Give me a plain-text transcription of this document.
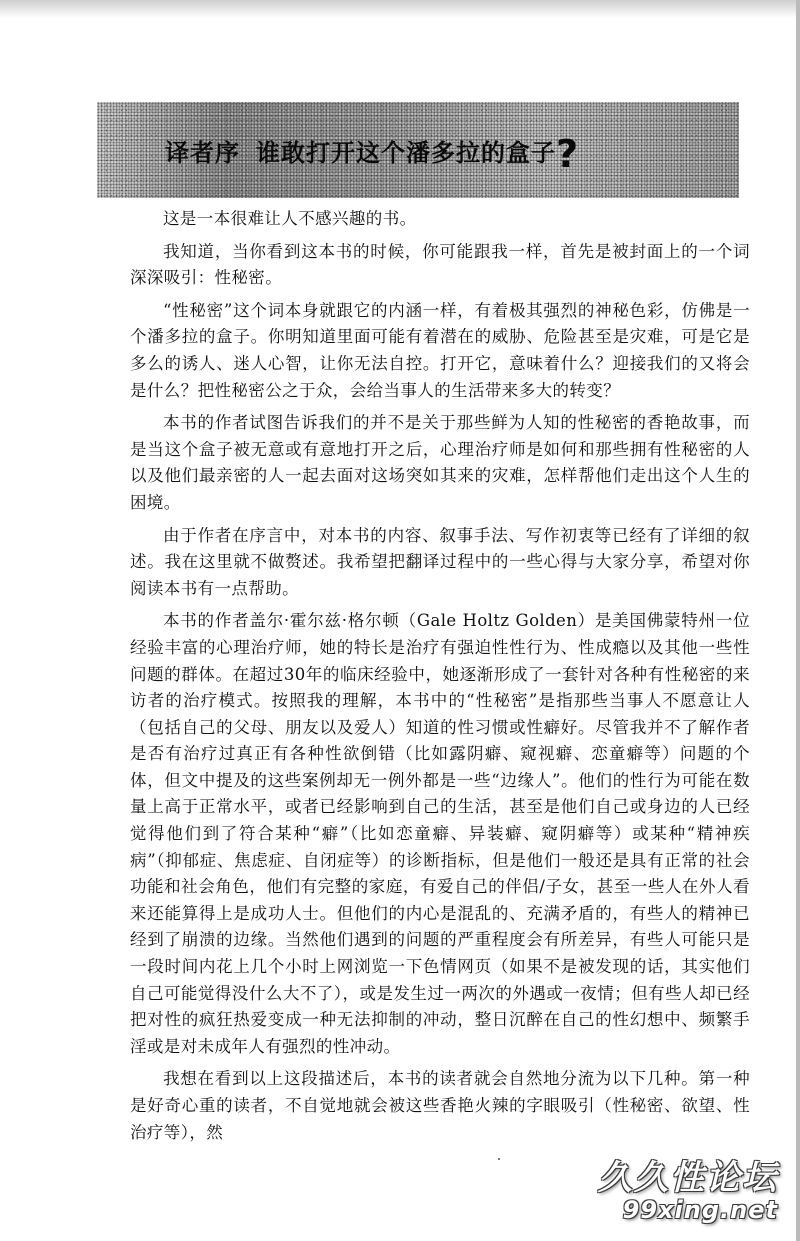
译者序 谁敢打开这个潘多拉的盒子?

这是一本很难让人不感兴趣的书。

我知道，当你看到这本书的时候，你可能跟我一样，首先是被封面上的一个词深深吸引：性秘密。

“性秘密”这个词本身就跟它的内涵一样，有着极其强烈的神秘色彩，仿佛是一个潘多拉的盒子。你明知道里面可能有着潜在的威胁、危险甚至是灾难，可是它是多么的诱人、迷人心智，让你无法自控。打开它，意味着什么？迎接我们的又将会是什么？把性秘密公之于众，会给当事人的生活带来多大的转变？

本书的作者试图告诉我们的并不是关于那些鲜为人知的性秘密的香艳故事，而是当这个盒子被无意或有意地打开之后，心理治疗师是如何和那些拥有性秘密的人以及他们最亲密的人一起去面对这场突如其来的灾难，怎样帮他们走出这个人生的困境。

由于作者在序言中，对本书的内容、叙事手法、写作初衷等已经有了详细的叙述。我在这里就不做赘述。我希望把翻译过程中的一些心得与大家分享，希望对你阅读本书有一点帮助。

本书的作者盖尔·霍尔兹·格尔顿（Gale Holtz Golden）是美国佛蒙特州一位经验丰富的心理治疗师，她的特长是治疗有强迫性性行为、性成瘾以及其他一些性问题的群体。在超过30年的临床经验中，她逐渐形成了一套针对各种有性秘密的来访者的治疗模式。按照我的理解，本书中的“性秘密”是指那些当事人不愿意让人（包括自己的父母、朋友以及爱人）知道的性习惯或性癖好。尽管我并不了解作者是否有治疗过真正有各种性欲倒错（比如露阴癖、窥视癖、恋童癖等）问题的个体，但文中提及的这些案例却无一例外都是一些“边缘人”。他们的性行为可能在数量上高于正常水平，或者已经影响到自己的生活，甚至是他们自己或身边的人已经觉得他们到了符合某种“癖”（比如恋童癖、异装癖、窥阴癖等）或某种“精神疾病”（抑郁症、焦虑症、自闭症等）的诊断指标，但是他们一般还是具有正常的社会功能和社会角色，他们有完整的家庭，有爱自己的伴侣/子女，甚至一些人在外人看来还能算得上是成功人士。但他们的内心是混乱的、充满矛盾的，有些人的精神已经到了崩溃的边缘。当然他们遇到的问题的严重程度会有所差异，有些人可能只是一段时间内花上几个小时上网浏览一下色情网页（如果不是被发现的话，其实他们自己可能觉得没什么大不了），或是发生过一两次的外遇或一夜情；但有些人却已经把对性的疯狂热爱变成一种无法抑制的冲动，整日沉醉在自己的性幻想中、频繁手淫或是对未成年人有强烈的性冲动。

我想在看到以上这段描述后，本书的读者就会自然地分流为以下几种。第一种是好奇心重的读者，不自觉地就会被这些香艳火辣的字眼吸引（性秘密、欲望、性治疗等），然

久久性论坛
99xing.net
